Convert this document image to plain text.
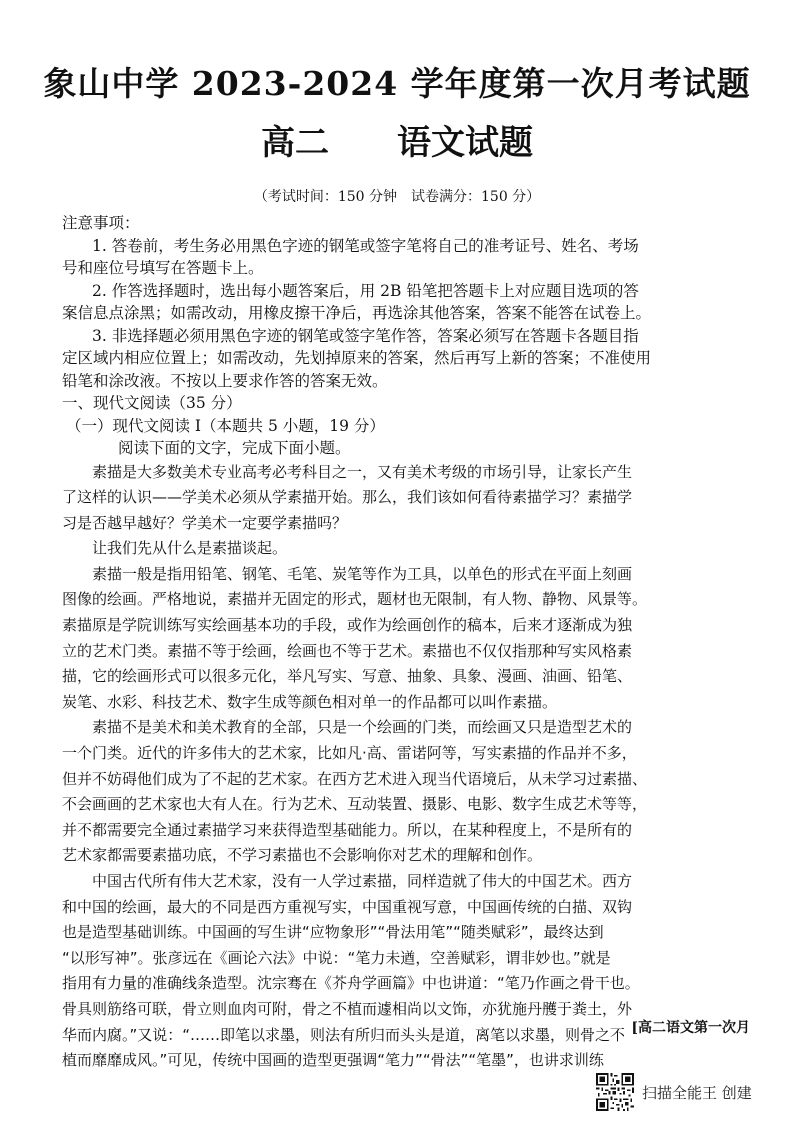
象山中学 2023-2024 学年度第一次月考试题
高二　　语文试题
（考试时间：150 分钟　试卷满分：150 分）
注意事项：
1. 答卷前，考生务必用黑色字迹的钢笔或签字笔将自己的准考证号、姓名、考场
号和座位号填写在答题卡上。
2. 作答选择题时，选出每小题答案后，用 2B 铅笔把答题卡上对应题目选项的答
案信息点涂黑；如需改动，用橡皮擦干净后，再选涂其他答案，答案不能答在试卷上。
3. 非选择题必须用黑色字迹的钢笔或签字笔作答，答案必须写在答题卡各题目指
定区域内相应位置上；如需改动，先划掉原来的答案，然后再写上新的答案；不准使用
铅笔和涂改液。不按以上要求作答的答案无效。
一、现代文阅读（35 分）
（一）现代文阅读 I（本题共 5 小题，19 分）
阅读下面的文字，完成下面小题。
素描是大多数美术专业高考必考科目之一，又有美术考级的市场引导，让家长产生
了这样的认识——学美术必须从学素描开始。那么，我们该如何看待素描学习？素描学
习是否越早越好？学美术一定要学素描吗？
让我们先从什么是素描谈起。
素描一般是指用铅笔、钢笔、毛笔、炭笔等作为工具，以单色的形式在平面上刻画
图像的绘画。严格地说，素描并无固定的形式，题材也无限制，有人物、静物、风景等。
素描原是学院训练写实绘画基本功的手段，或作为绘画创作的稿本，后来才逐渐成为独
立的艺术门类。素描不等于绘画，绘画也不等于艺术。素描也不仅仅指那种写实风格素
描，它的绘画形式可以很多元化，举凡写实、写意、抽象、具象、漫画、油画、铅笔、
炭笔、水彩、科技艺术、数字生成等颜色相对单一的作品都可以叫作素描。
素描不是美术和美术教育的全部，只是一个绘画的门类，而绘画又只是造型艺术的
一个门类。近代的许多伟大的艺术家，比如凡·高、雷诺阿等，写实素描的作品并不多，
但并不妨碍他们成为了不起的艺术家。在西方艺术进入现当代语境后，从未学习过素描、
不会画画的艺术家也大有人在。行为艺术、互动装置、摄影、电影、数字生成艺术等等，
并不都需要完全通过素描学习来获得造型基础能力。所以，在某种程度上，不是所有的
艺术家都需要素描功底，不学习素描也不会影响你对艺术的理解和创作。
中国古代所有伟大艺术家，没有一人学过素描，同样造就了伟大的中国艺术。西方
和中国的绘画，最大的不同是西方重视写实，中国重视写意，中国画传统的白描、双钩
也是造型基础训练。中国画的写生讲“应物象形”“骨法用笔”“随类赋彩”，最终达到
“以形写神”。张彦远在《画论六法》中说：“笔力未遒，空善赋彩，谓非妙也。”就是
指用有力量的准确线条造型。沈宗骞在《芥舟学画篇》中也讲道：“笔乃作画之骨干也。
骨具则筋络可联，骨立则血肉可附，骨之不植而遽相尚以文饰，亦犹施丹雘于粪土，外
华而内腐。”又说：“……即笔以求墨，则法有所归而头头是道，离笔以求墨，则骨之不
植而靡靡成风。”可见，传统中国画的造型更强调“笔力”“骨法”“笔墨”，也讲求训练
[高二语文第一次月
扫描全能王 创建
